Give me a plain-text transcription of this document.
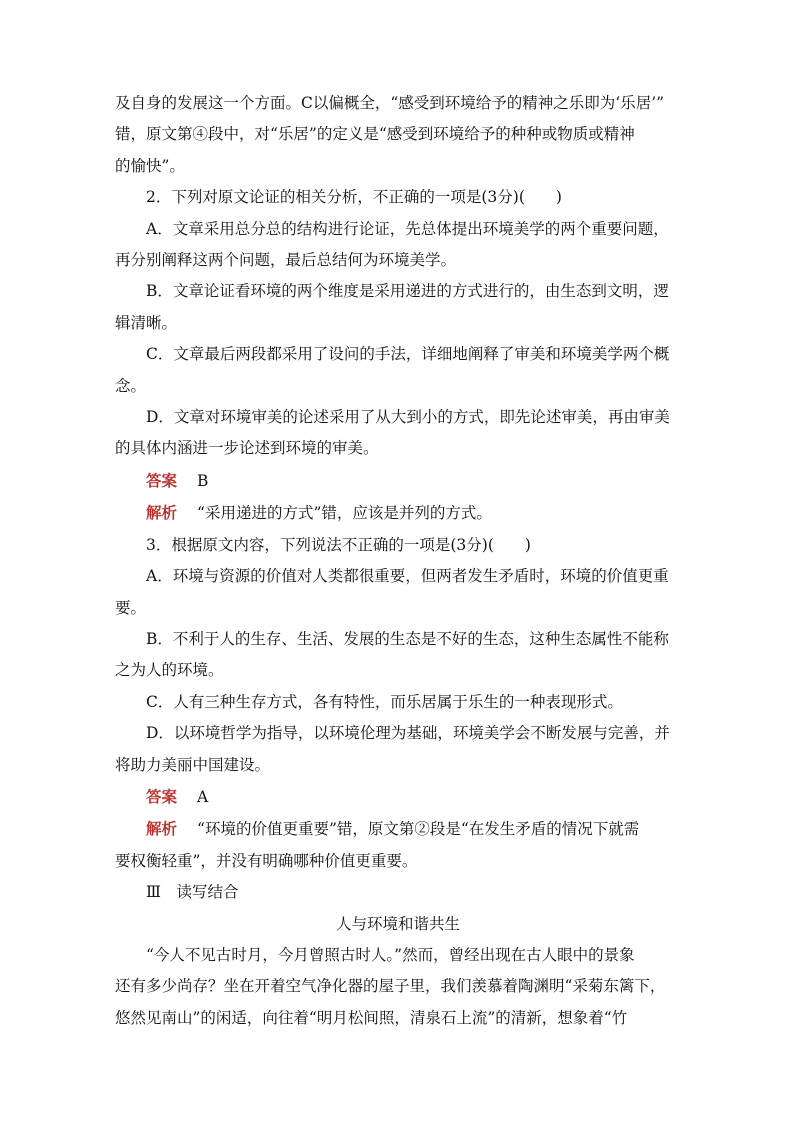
及自身的发展这一个方面。C以偏概全，“感受到环境给予的精神之乐即为‘乐居’”

错，原文第④段中，对“乐居”的定义是“感受到环境给予的种种或物质或精神

的愉快”。

2．下列对原文论证的相关分析，不正确的一项是(3分)(　　)

A．文章采用总分总的结构进行论证，先总体提出环境美学的两个重要问题，

再分别阐释这两个问题，最后总结何为环境美学。

B．文章论证看环境的两个维度是采用递进的方式进行的，由生态到文明，逻

辑清晰。

C．文章最后两段都采用了设问的手法，详细地阐释了审美和环境美学两个概

念。

D．文章对环境审美的论述采用了从大到小的方式，即先论述审美，再由审美

的具体内涵进一步论述到环境的审美。

答案 B

解析 “采用递进的方式”错，应该是并列的方式。

3．根据原文内容，下列说法不正确的一项是(3分)(　　)

A．环境与资源的价值对人类都很重要，但两者发生矛盾时，环境的价值更重

要。

B．不利于人的生存、生活、发展的生态是不好的生态，这种生态属性不能称

之为人的环境。

C．人有三种生存方式，各有特性，而乐居属于乐生的一种表现形式。

D．以环境哲学为指导，以环境伦理为基础，环境美学会不断发展与完善，并

将助力美丽中国建设。

答案 A

解析 “环境的价值更重要”错，原文第②段是“在发生矛盾的情况下就需

要权衡轻重”，并没有明确哪种价值更重要。

Ⅲ　读写结合

人与环境和谐共生

“今人不见古时月，今月曾照古时人。”然而，曾经出现在古人眼中的景象

还有多少尚存？坐在开着空气净化器的屋子里，我们羡慕着陶渊明“采菊东篱下，

悠然见南山”的闲适，向往着“明月松间照，清泉石上流”的清新，想象着“竹
